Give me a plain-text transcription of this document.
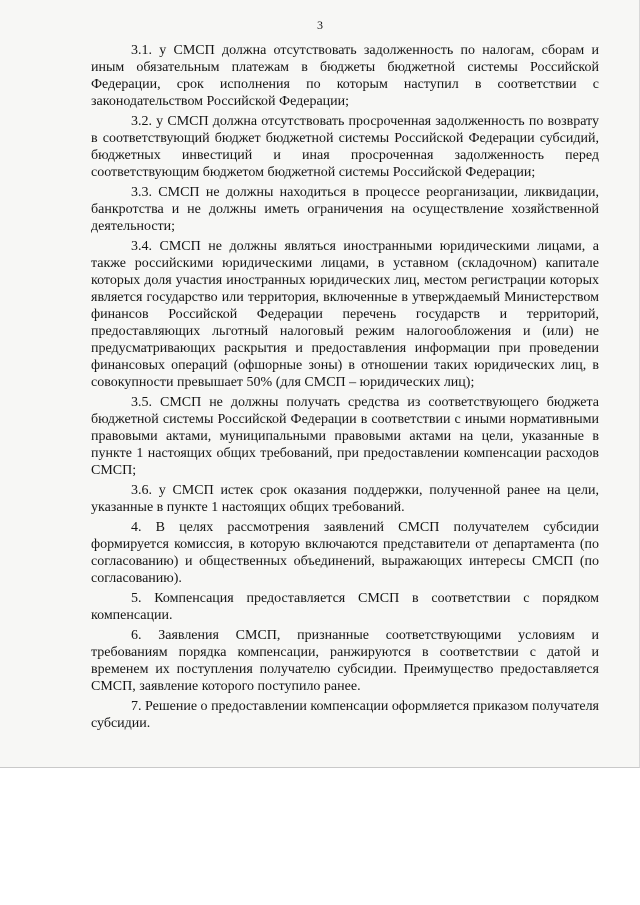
3

3.1. у СМСП должна отсутствовать задолженность по налогам, сборам и иным обязательным платежам в бюджеты бюджетной системы Российской Федерации, срок исполнения по которым наступил в соответствии с законодательством Российской Федерации;

3.2. у СМСП должна отсутствовать просроченная задолженность по возврату в соответствующий бюджет бюджетной системы Российской Федерации субсидий, бюджетных инвестиций и иная просроченная задолженность перед соответствующим бюджетом бюджетной системы Российской Федерации;

3.3. СМСП не должны находиться в процессе реорганизации, ликвидации, банкротства и не должны иметь ограничения на осуществление хозяйственной деятельности;

3.4. СМСП не должны являться иностранными юридическими лицами, а также российскими юридическими лицами, в уставном (складочном) капитале которых доля участия иностранных юридических лиц, местом регистрации которых является государство или территория, включенные в утверждаемый Министерством финансов Российской Федерации перечень государств и территорий, предоставляющих льготный налоговый режим налогообложения и (или) не предусматривающих раскрытия и предоставления информации при проведении финансовых операций (офшорные зоны) в отношении таких юридических лиц, в совокупности превышает 50% (для СМСП – юридических лиц);

3.5. СМСП не должны получать средства из соответствующего бюджета бюджетной системы Российской Федерации в соответствии с иными нормативными правовыми актами, муниципальными правовыми актами на цели, указанные в пункте 1 настоящих общих требований, при предоставлении компенсации расходов СМСП;

3.6. у СМСП истек срок оказания поддержки, полученной ранее на цели, указанные в пункте 1 настоящих общих требований.

4. В целях рассмотрения заявлений СМСП получателем субсидии формируется комиссия, в которую включаются представители от департамента (по согласованию) и общественных объединений, выражающих интересы СМСП (по согласованию).

5. Компенсация предоставляется СМСП в соответствии с порядком компенсации.

6. Заявления СМСП, признанные соответствующими условиям и требованиям порядка компенсации, ранжируются в соответствии с датой и временем их поступления получателю субсидии. Преимущество предоставляется СМСП, заявление которого поступило ранее.

7. Решение о предоставлении компенсации оформляется приказом получателя субсидии.
